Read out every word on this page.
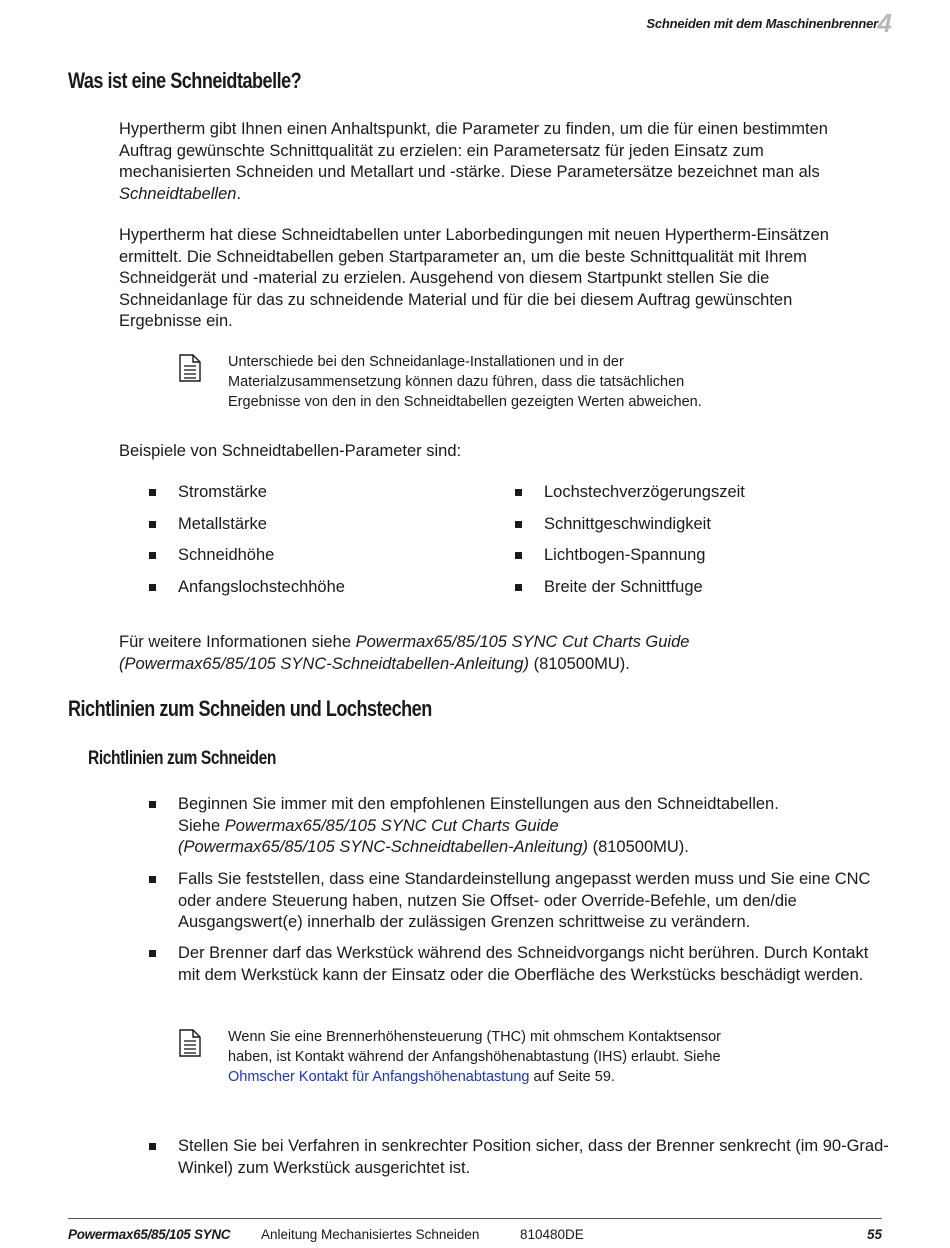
Schneiden mit dem Maschinenbrenner 4
Was ist eine Schneidtabelle?

Hypertherm gibt Ihnen einen Anhaltspunkt, die Parameter zu finden, um die für einen bestimmten Auftrag gewünschte Schnittqualität zu erzielen: ein Parametersatz für jeden Einsatz zum mechanisierten Schneiden und Metallart und -stärke. Diese Parametersätze bezeichnet man als Schneidtabellen.

Hypertherm hat diese Schneidtabellen unter Laborbedingungen mit neuen Hypertherm-Einsätzen ermittelt. Die Schneidtabellen geben Startparameter an, um die beste Schnittqualität mit Ihrem Schneidgerät und -material zu erzielen. Ausgehend von diesem Startpunkt stellen Sie die Schneidanlage für das zu schneidende Material und für die bei diesem Auftrag gewünschten Ergebnisse ein.

Unterschiede bei den Schneidanlage-Installationen und in der Materialzusammensetzung können dazu führen, dass die tatsächlichen Ergebnisse von den in den Schneidtabellen gezeigten Werten abweichen.

Beispiele von Schneidtabellen-Parameter sind:

Stromstärke
Metallstärke
Schneidhöhe
Anfangslochstechhöhe
Lochstechverzögerungszeit
Schnittgeschwindigkeit
Lichtbogen-Spannung
Breite der Schnittfuge

Für weitere Informationen siehe Powermax65/85/105 SYNC Cut Charts Guide
(Powermax65/85/105 SYNC-Schneidtabellen-Anleitung) (810500MU).

Richtlinien zum Schneiden und Lochstechen
Richtlinien zum Schneiden
Beginnen Sie immer mit den empfohlenen Einstellungen aus den Schneidtabellen.
Siehe Powermax65/85/105 SYNC Cut Charts Guide
(Powermax65/85/105 SYNC-Schneidtabellen-Anleitung) (810500MU).
Falls Sie feststellen, dass eine Standardeinstellung angepasst werden muss und Sie eine CNC oder andere Steuerung haben, nutzen Sie Offset- oder Override-Befehle, um den/die Ausgangswert(e) innerhalb der zulässigen Grenzen schrittweise zu verändern.
Der Brenner darf das Werkstück während des Schneidvorgangs nicht berühren. Durch Kontakt mit dem Werkstück kann der Einsatz oder die Oberfläche des Werkstücks beschädigt werden.

Wenn Sie eine Brennerhöhensteuerung (THC) mit ohmschem Kontaktsensor haben, ist Kontakt während der Anfangshöhenabtastung (IHS) erlaubt. Siehe Ohmscher Kontakt für Anfangshöhenabtastung auf Seite 59.

Stellen Sie bei Verfahren in senkrechter Position sicher, dass der Brenner senkrecht (im 90-Grad-Winkel) zum Werkstück ausgerichtet ist.
Powermax65/85/105 SYNC Anleitung Mechanisiertes Schneiden	810480DE	55
